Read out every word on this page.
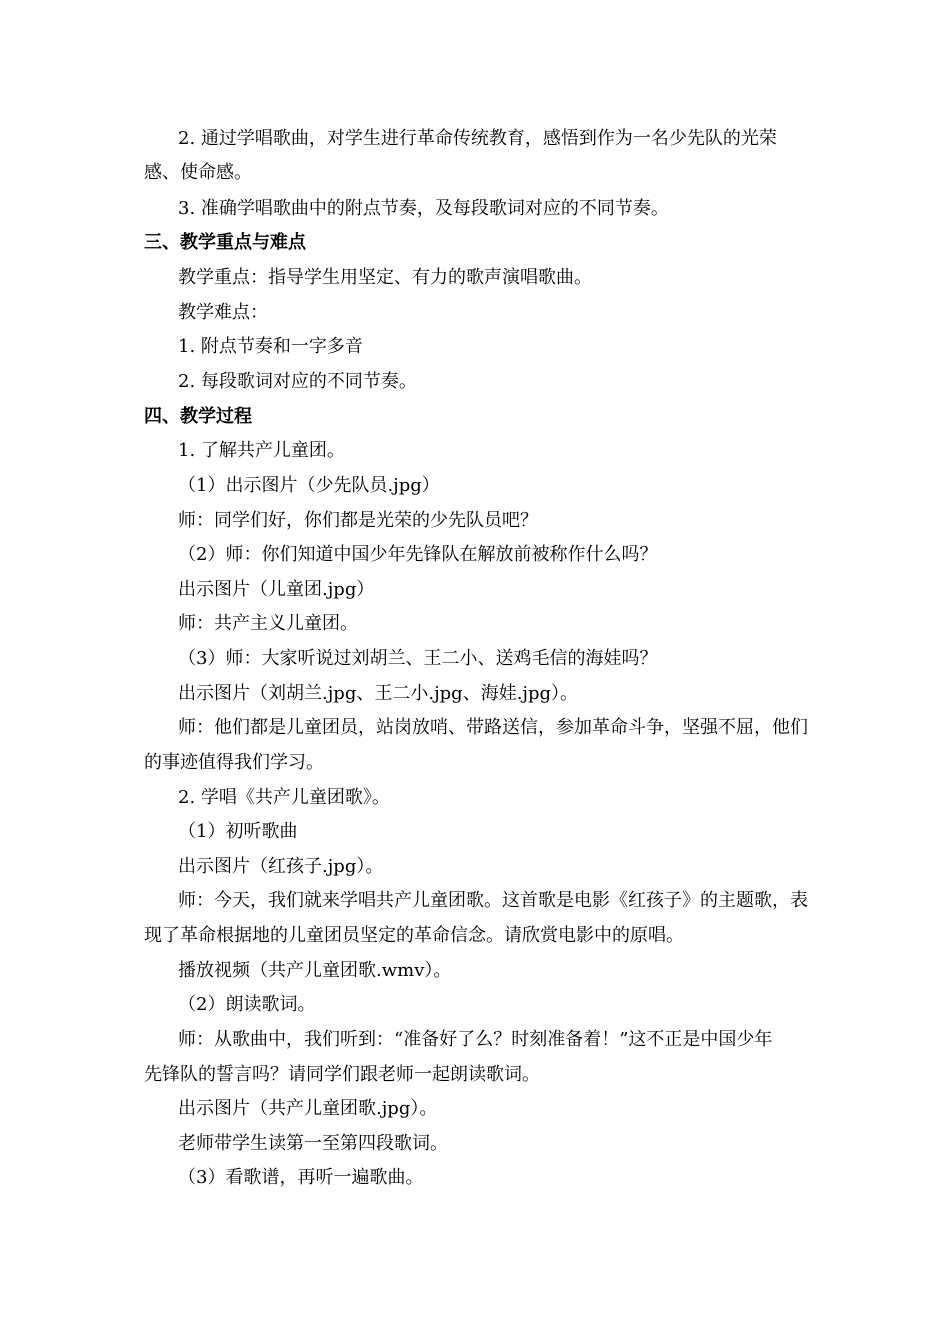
2. 通过学唱歌曲，对学生进行革命传统教育，感悟到作为一名少先队的光荣
感、使命感。
3. 准确学唱歌曲中的附点节奏，及每段歌词对应的不同节奏。
三、教学重点与难点
教学重点：指导学生用坚定、有力的歌声演唱歌曲。
教学难点：
1. 附点节奏和一字多音
2. 每段歌词对应的不同节奏。
四、教学过程
1. 了解共产儿童团。
（1）出示图片（少先队员.jpg）
师：同学们好，你们都是光荣的少先队员吧？
（2）师：你们知道中国少年先锋队在解放前被称作什么吗？
出示图片（儿童团.jpg）
师：共产主义儿童团。
（3）师：大家听说过刘胡兰、王二小、送鸡毛信的海娃吗？
出示图片（刘胡兰.jpg、王二小.jpg、海娃.jpg）。
师：他们都是儿童团员，站岗放哨、带路送信，参加革命斗争，坚强不屈，他们
的事迹值得我们学习。
2. 学唱《共产儿童团歌》。
（1）初听歌曲
出示图片（红孩子.jpg）。
师：今天，我们就来学唱共产儿童团歌。这首歌是电影《红孩子》的主题歌，表
现了革命根据地的儿童团员坚定的革命信念。请欣赏电影中的原唱。
播放视频（共产儿童团歌.wmv）。
（2）朗读歌词。
师：从歌曲中，我们听到：“准备好了么？时刻准备着！”这不正是中国少年
先锋队的誓言吗？请同学们跟老师一起朗读歌词。
出示图片（共产儿童团歌.jpg）。
老师带学生读第一至第四段歌词。
（3）看歌谱，再听一遍歌曲。
